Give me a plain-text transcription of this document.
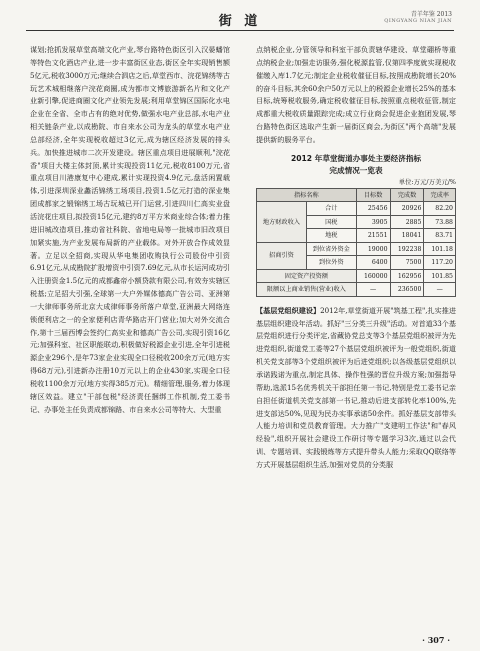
街 道	青羊年鉴 2013
QINGYANG NIAN JIAN

谋划;抢抓发展草堂高端文化产业,琴台路特色街区引入汉晏蟠馆等特色文化酒店产业,进一步丰富街区业态,街区全年实现销售额5亿元,税收3000万元;继续合泗店之后,草堂西市、浣花锦绣等古玩艺术城相继落户浣花商圈,成为都市文博旅游新名片和文化产业新引擎,促进商圈文化产业领先发展;利用草堂锦区国际化水电企业在全省、全市占有的绝对优势,做强水电产业总部,水电产业相关链条产业,以成勘院、市自来水公司为龙头的草堂水电产业总部经济,全年实现税收超过3亿元,成为辖区经济发展的排头兵。加快推进城市二次开发建设。辖区重点项目进展顺利,"浣花香"项目大楼主体封顶,累计实现投资11亿元,税收8100万元,省重点项目川港康复中心建成,累计实现投资4.9亿元,盘活闲置载体,引进深圳深业蠡活锦绣工场项目,投资1.5亿元打造的深业集团成都家之锻锦绣工场古玩城已开门运营,引进四川仁高实业盘活浣花庄项目,拟投资15亿元,建约8万平方米商业综合体;着力推进旧城改造项目,推动省社科院、省地电局等一批城市旧改项目加紧实施,为产业发展布局新的产业载体。对外开放合作成效显著。立足以全招商,实现从华电集团收购执行公司股份中引资6.91亿元,从成勘院扩股增资中引资7.69亿元,从市长运河成功引入注册资金1.5亿元的成都鑫帝小额贷款有限公司,有效夯实辖区税基;立足招大引强,全球第一大户外媒体德高广告公司、亚洲第一大律师事务所北京大成律师事务所落户草堂,亚洲最大网络连锁便利店之一的全家便利店青华路店开门营业;加大对外交流合作,第十三届西博会签约仁高实业和德高广告公司,实现引资16亿元;加强科室、社区职能联动,积极做好税源企业引进,全年引进税源企业296个,是年73家企业实现全口径税收200余万元(地方实得68万元),引进新办注册10万元以上的企业430家,实现全口径税收1100余万元(地方实得385万元)。精细管理,服务,着力体现辖区效益。建立"干部包税"经济责任捆绑工作机制,党工委书记、办事处主任负责成都锦路、市自来水公司等特大、大型重

点纳税企业,分管领导和科室干部负责辖华建设、草堂硼桥等重点纳税企业;加强走访服务,强化税源监管,仅第四季度就实现税收催缴入库1.7亿元;制定企业税收催征目标,按照成勘院增长20%的奋斗目标,其余60余户50万元以上的税源企业增长25%的基本目标,统筹税收服务,确定税收催征目标,按照重点税收征管,制定成都重大税收质量跟踪完成;成立行业商会促进企业抱团发展,琴台路特色街区选取产生新一届街区商会,为街区"两个高端"发展提供新的服务平台。

2012 年草堂街道办事处主要经济指标
完成情况一览表
单位:万元/万美元/%
指标名称		目标数	完成数	完成率
地方财政收入	合计	25456	20926	82.20
	国税	3905	2885	73.88
	地税	21551	18041	83.71
招商引资	到位省外资金	19000	192238	101.18
	到位外资	6400	7500	117.20
固定资产投资额		160000	162956	101.85
限额以上商业销售(营业)收入		—	236500	—

【基层党组织建设】2012年,草堂街道开展"筑基工程",扎实推进基层组织建设年活动。抓好"三分类三升级"活动。对首道33个基层党组织进行分类评定,省藏协党总支等3个基层党组织被评为先进党组织,街道党工委等27个基层党组织被评为一般党组织,街道机关党支部等3个党组织被评为后进党组织;以各级基层党组织以承诺践诺为重点,制定具体、操作性强的晋位升级方案;加强指导帮助,选派15名优秀机关干部担任第一书记,特别是党工委书记亲自担任街道机关党支部第一书记,推动后进支部转化率100%,先进支部达50%,见现为民办实事承诺50余件。抓好基层支部带头人能力培训和党员教育管理。大力推广"支建明工作法"和"春风经验",组织开展社会建设工作研讨等专题学习3次,通过以会代训、专题培训、实践锻炼等方式提升带头人能力;采取QQ联络等方式开展基层组织生活,加强对党员的分类服

· 307 ·
